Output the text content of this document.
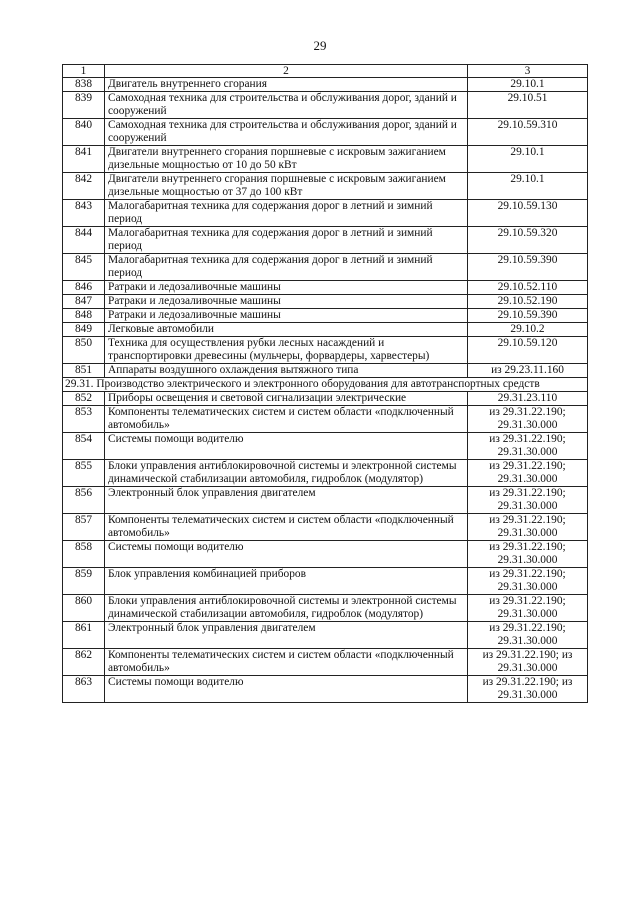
29
1	2	3
838	Двигатель внутреннего сгорания	29.10.1
839	Самоходная техника для строительства и обслуживания дорог, зданий и сооружений	29.10.51
840	Самоходная техника для строительства и обслуживания дорог, зданий и сооружений	29.10.59.310
841	Двигатели внутреннего сгорания поршневые с искровым зажиганием дизельные мощностью от 10 до 50 кВт	29.10.1
842	Двигатели внутреннего сгорания поршневые с искровым зажиганием дизельные мощностью от 37 до 100 кВт	29.10.1
843	Малогабаритная техника для содержания дорог в летний и зимний период	29.10.59.130
844	Малогабаритная техника для содержания дорог в летний и зимний период	29.10.59.320
845	Малогабаритная техника для содержания дорог в летний и зимний период	29.10.59.390
846	Ратраки и ледозаливочные машины	29.10.52.110
847	Ратраки и ледозаливочные машины	29.10.52.190
848	Ратраки и ледозаливочные машины	29.10.59.390
849	Легковые автомобили	29.10.2
850	Техника для осуществления рубки лесных насаждений и транспортировки древесины (мульчеры, форвардеры, харвестеры)	29.10.59.120
851	Аппараты воздушного охлаждения вытяжного типа	из 29.23.11.160
29.31. Производство электрического и электронного оборудования для автотранспортных средств		
852	Приборы освещения и световой сигнализации электрические	29.31.23.110
853	Компоненты телематических систем и систем области «подключенный автомобиль»	из 29.31.22.190; 29.31.30.000
854	Системы помощи водителю	из 29.31.22.190; 29.31.30.000
855	Блоки управления антиблокировочной системы и электронной системы динамической стабилизации автомобиля, гидроблок (модулятор)	из 29.31.22.190; 29.31.30.000
856	Электронный блок управления двигателем	из 29.31.22.190; 29.31.30.000
857	Компоненты телематических систем и систем области «подключенный автомобиль»	из 29.31.22.190; 29.31.30.000
858	Системы помощи водителю	из 29.31.22.190; 29.31.30.000
859	Блок управления комбинацией приборов	из 29.31.22.190; 29.31.30.000
860	Блоки управления антиблокировочной системы и электронной системы динамической стабилизации автомобиля, гидроблок (модулятор)	из 29.31.22.190; 29.31.30.000
861	Электронный блок управления двигателем	из 29.31.22.190; 29.31.30.000
862	Компоненты телематических систем и систем области «подключенный автомобиль»	из 29.31.22.190; из 29.31.30.000
863	Системы помощи водителю	из 29.31.22.190; из 29.31.30.000
